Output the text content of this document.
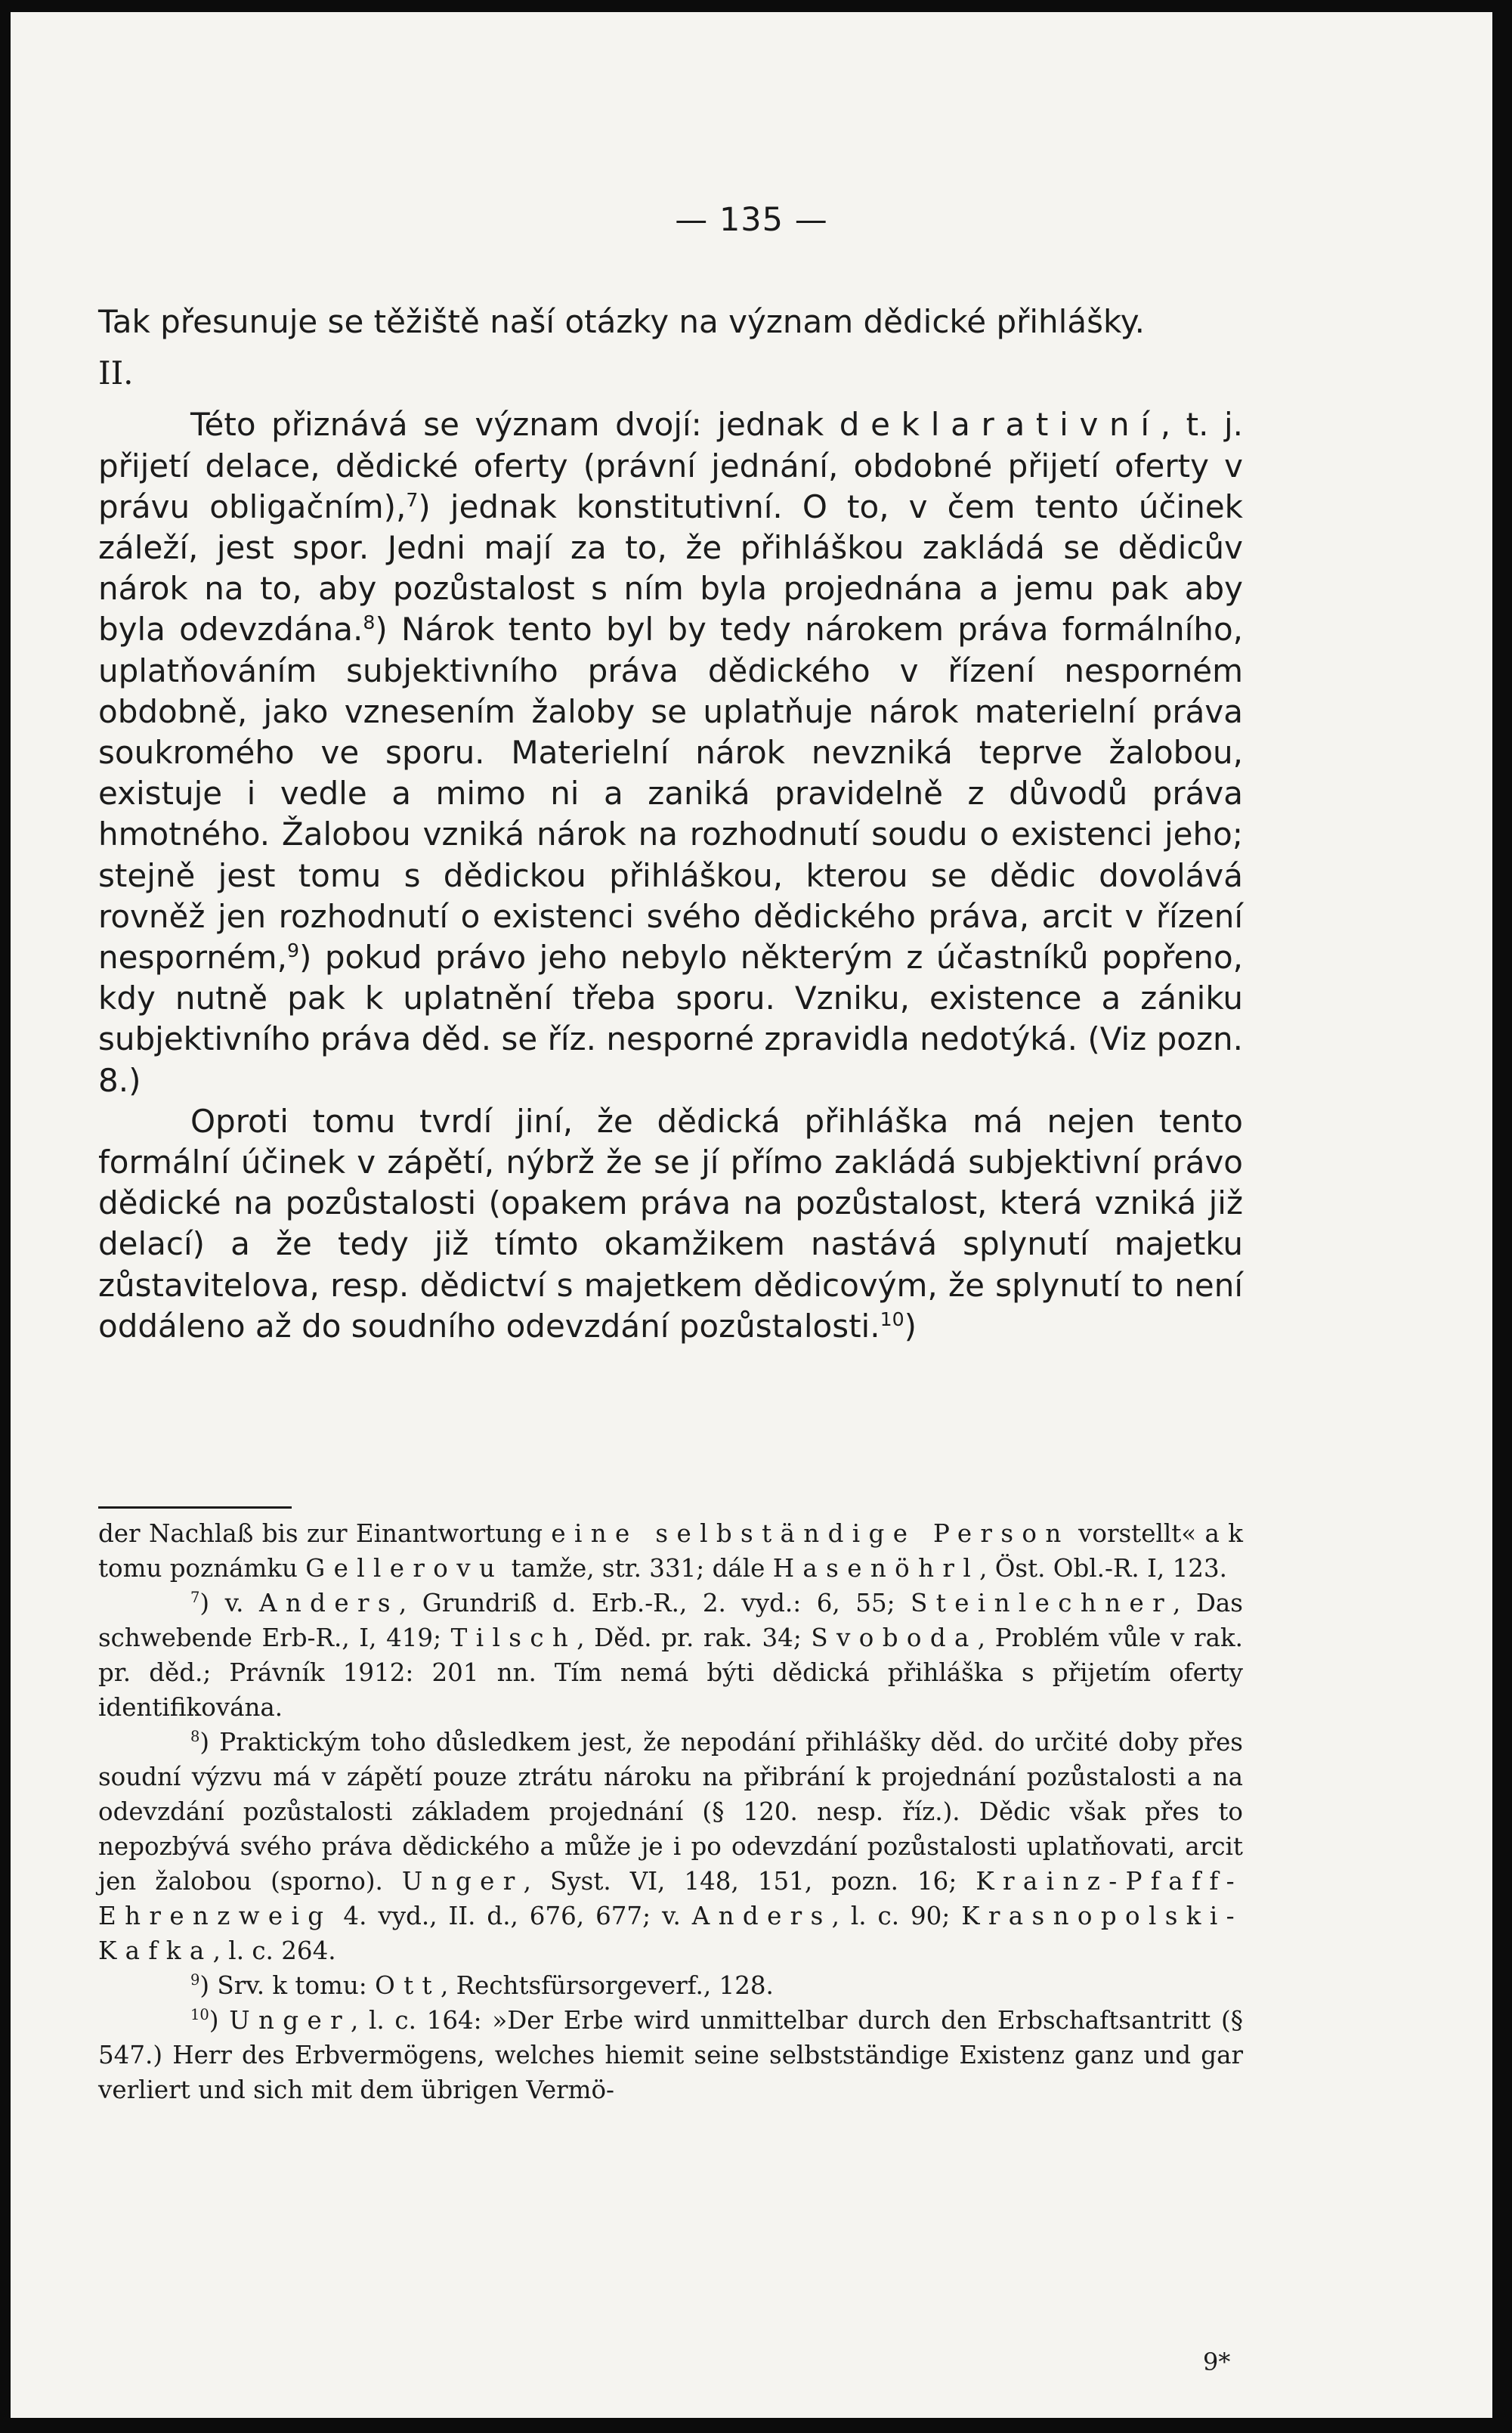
— 135 —

Tak přesunuje se těžiště naší otázky na význam dědické přihlášky.

II.

Této přiznává se význam dvojí: jednak deklarativní, t. j. přijetí delace, dědické oferty (právní jednání, obdobné přijetí oferty v právu obligačním),$^7$) jednak konstitutivní. O to, v čem tento účinek záleží, jest spor. Jedni mají za to, že přihláškou zakládá se dědicův nárok na to, aby pozůstalost s ním byla projednána a jemu pak aby byla odevzdána.$^8$) Nárok tento byl by tedy nárokem práva formálního, uplatňováním subjektivního práva dědického v řízení nesporném obdobně, jako vznesením žaloby se uplatňuje nárok materielní práva soukromého ve sporu. Materielní nárok nevzniká teprve žalobou, existuje i vedle a mimo ni a zaniká pravidelně z důvodů práva hmotného. Žalobou vzniká nárok na rozhodnutí soudu o existenci jeho; stejně jest tomu s dědickou přihláškou, kterou se dědic dovolává rovněž jen rozhodnutí o existenci svého dědického práva, arcit v řízení nesporném,$^9$) pokud právo jeho nebylo některým z účastníků popřeno, kdy nutně pak k uplatnění třeba sporu. Vzniku, existence a zániku subjektivního práva děd. se říz. nesporné zpravidla nedotýká. (Viz pozn. 8.)

Oproti tomu tvrdí jiní, že dědická přihláška má nejen tento formální účinek v zápětí, nýbrž že se jí přímo zakládá subjektivní právo dědické na pozůstalosti (opakem práva na pozůstalost, která vzniká již delací) a že tedy již tímto okamžikem nastává splynutí majetku zůstavitelova, resp. dědictví s majetkem dědicovým, že splynutí to není oddáleno až do soudního odevzdání pozůstalosti.$^{10}$)

der Nachlaß bis zur Einantwortung eine selbständige Person vorstellt« a k tomu poznámku Gellerovu tamže, str. 331; dále Hasenöhrl, Öst. Obl.-R. I, 123.

$^7$) v. Anders, Grundriß d. Erb.-R., 2. vyd.: 6, 55; Steinlechner, Das schwebende Erb-R., I, 419; Tilsch, Děd. pr. rak. 34; Svoboda, Problém vůle v rak. pr. děd.; Právník 1912: 201 nn. Tím nemá býti dědická přihláška s přijetím oferty identifikována.

$^8$) Praktickým toho důsledkem jest, že nepodání přihlášky děd. do určité doby přes soudní výzvu má v zápětí pouze ztrátu nároku na přibrání k projednání pozůstalosti a na odevzdání pozůstalosti základem projednání (§ 120. nesp. říz.). Dědic však přes to nepozbývá svého práva dědického a může je i po odevzdání pozůstalosti uplatňovati, arcit jen žalobou (sporno). Unger, Syst. VI, 148, 151, pozn. 16; Krainz-Pfaff-Ehrenzweig 4. vyd., II. d., 676, 677; v. Anders, l. c. 90; Krasnopolski-Kafka, l. c. 264.

$^9$) Srv. k tomu: Ott, Rechtsfürsorgeverf., 128.

$^{10}$) Unger, l. c. 164: »Der Erbe wird unmittelbar durch den Erbschaftsantritt (§ 547.) Herr des Erbvermögens, welches hiemit seine selbstständige Existenz ganz und gar verliert und sich mit dem übrigen Vermö-

9*
